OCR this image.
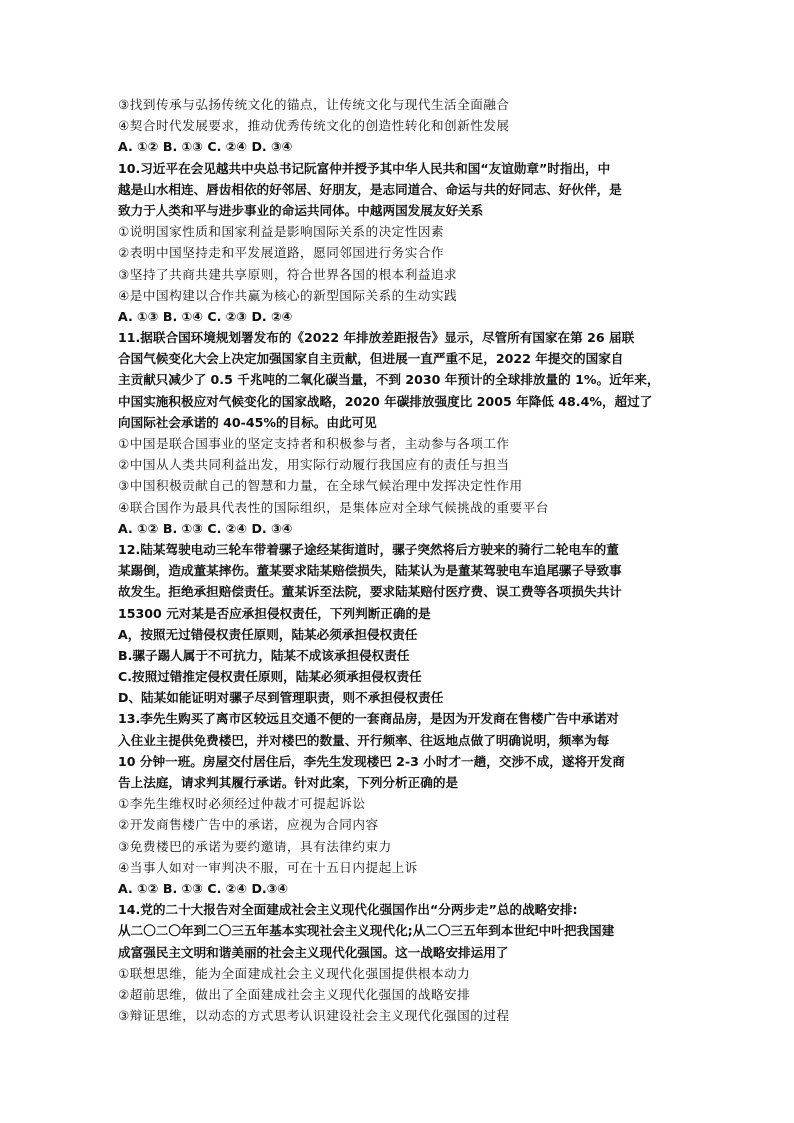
③找到传承与弘扬传统文化的锚点，让传统文化与现代生活全面融合
④契合时代发展要求，推动优秀传统文化的创造性转化和创新性发展
A. ①② B. ①③ C. ②④ D. ③④
10.习近平在会见越共中央总书记阮富仲并授予其中华人民共和国“友谊勋章”时指出，中
越是山水相连、唇齿相依的好邻居、好朋友，是志同道合、命运与共的好同志、好伙伴，是
致力于人类和平与进步事业的命运共同体。中越两国发展友好关系
①说明国家性质和国家利益是影响国际关系的决定性因素
②表明中国坚持走和平发展道路，愿同邻国进行务实合作
③坚持了共商共建共享原则，符合世界各国的根本利益追求
④是中国构建以合作共赢为核心的新型国际关系的生动实践
A. ①③ B. ①④ C. ②③ D. ②④
11.据联合国环境规划署发布的《2022 年排放差距报告》显示，尽管所有国家在第 26 届联
合国气候变化大会上决定加强国家自主贡献，但进展一直严重不足，2022 年提交的国家自
主贡献只减少了 0.5 千兆吨的二氧化碳当量，不到 2030 年预计的全球排放量的 1%。近年来，
中国实施积极应对气候变化的国家战略，2020 年碳排放强度比 2005 年降低 48.4%，超过了
向国际社会承诺的 40-45%的目标。由此可见
①中国是联合国事业的坚定支持者和积极参与者，主动参与各项工作
②中国从人类共同利益出发，用实际行动履行我国应有的责任与担当
③中国积极贡献自己的智慧和力量，在全球气候治理中发挥决定性作用
④联合国作为最具代表性的国际组织，是集体应对全球气候挑战的重要平台
A. ①② B. ①③ C. ②④ D. ③④
12.陆某驾驶电动三轮车带着骡子途经某街道时，骡子突然将后方驶来的骑行二轮电车的董
某踢倒，造成董某摔伤。董某要求陆某赔偿损失，陆某认为是董某驾驶电车追尾骡子导致事
故发生。拒绝承担赔偿责任。董某诉至法院，要求陆某赔付医疗费、误工费等各项损失共计
15300 元对某是否应承担侵权责任，下列判断正确的是
A，按照无过错侵权责任原则，陆某必须承担侵权责任
B.骡子踢人属于不可抗力，陆某不成该承担侵权责任
C.按照过错推定侵权责任原则，陆某必须承担侵权责任
D、陆某如能证明对骡子尽到管理职责，则不承担侵权责任
13.李先生购买了离市区较远且交通不便的一套商品房，是因为开发商在售楼广告中承诺对
入住业主提供免费楼巴，并对楼巴的数量、开行频率、往返地点做了明确说明，频率为每
10 分钟一班。房屋交付居住后，李先生发现楼巴 2-3 小时才一趟，交涉不成，遂将开发商
告上法庭，请求判其履行承诺。针对此案，下列分析正确的是
①李先生维权时必须经过仲裁才可提起诉讼
②开发商售楼广告中的承诺，应视为合同内容
③免费楼巴的承诺为要约邀请，具有法律约束力
④当事人如对一审判决不服，可在十五日内提起上诉
A. ①② B. ①③ C. ②④ D.③④
14.党的二十大报告对全面建成社会主义现代化强国作出“分两步走”总的战略安排:
从二〇二〇年到二〇三五年基本实现社会主义现代化;从二〇三五年到本世纪中叶把我国建
成富强民主文明和谐美丽的社会主义现代化强国。这一战略安排运用了
①联想思维，能为全面建成社会主义现代化强国提供根本动力
②超前思维，做出了全面建成社会主义现代化强国的战略安排
③辩证思维，以动态的方式思考认识建设社会主义现代化强国的过程
